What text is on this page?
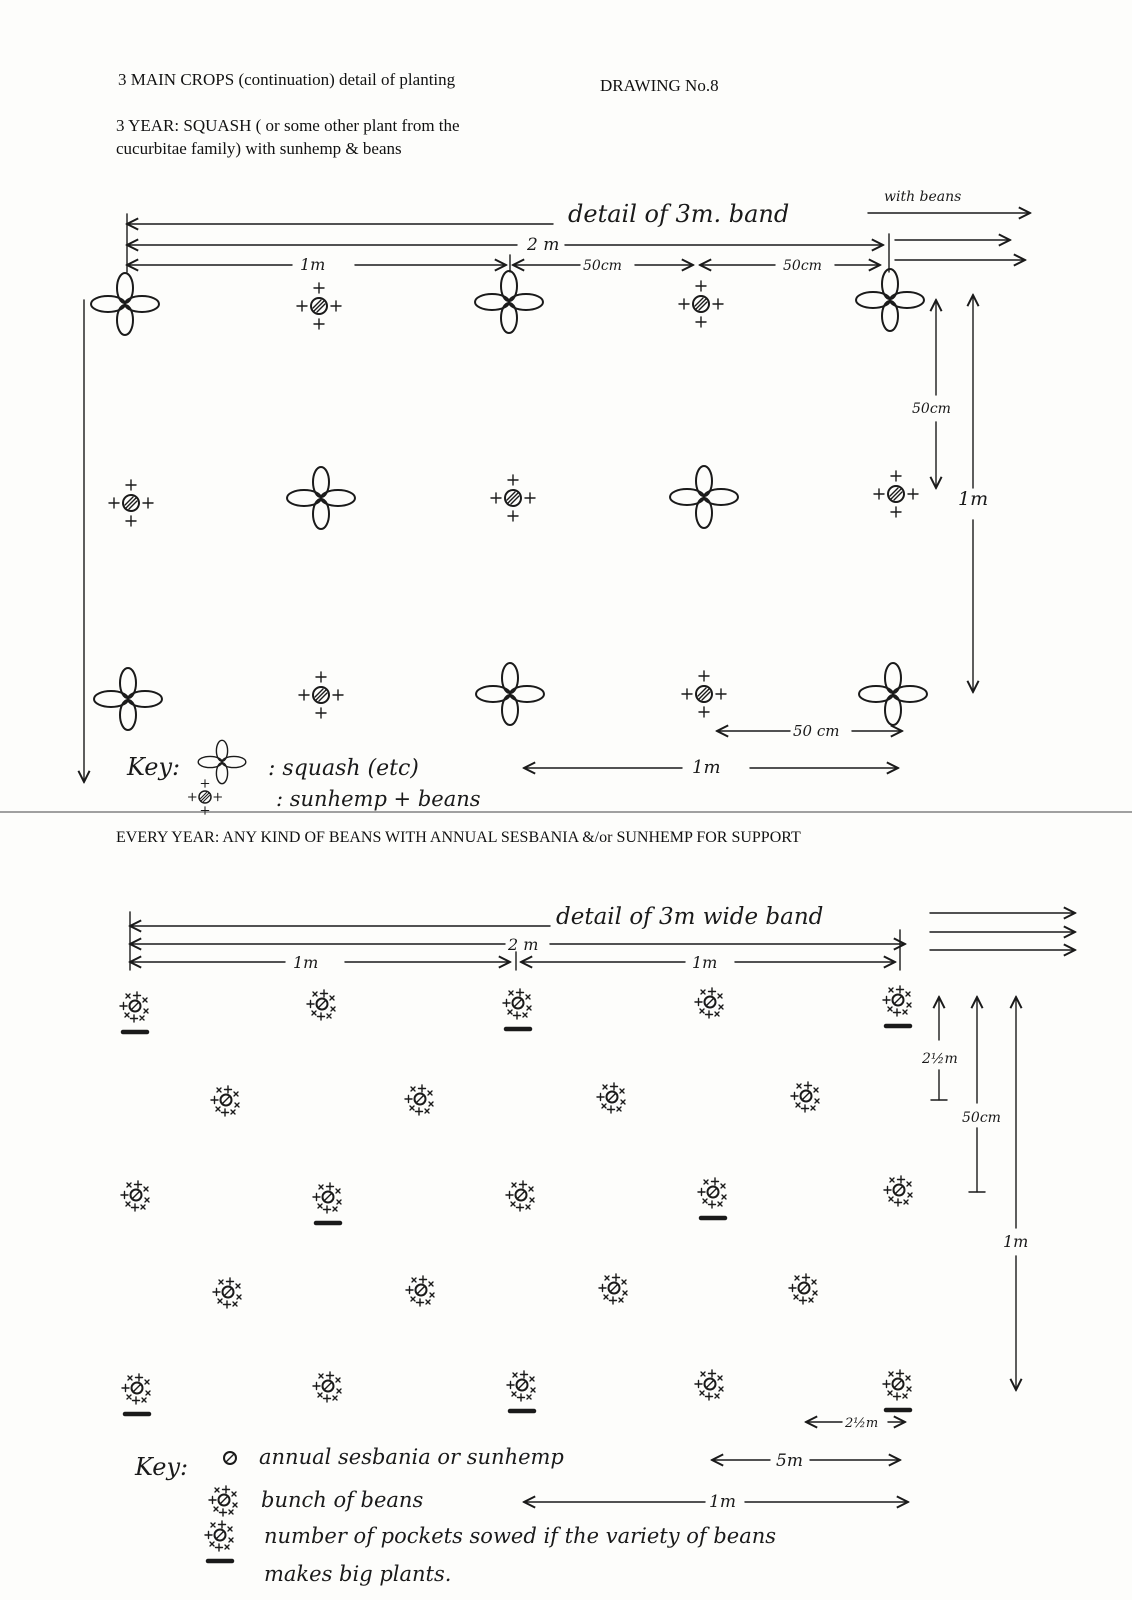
3 MAIN CROPS (continuation) detail of planting	DRAWING No.8
3 YEAR: SQUASH ( or some other plant from the
cucurbitae family) with sunhemp & beans
EVERY YEAR: ANY KIND OF BEANS WITH ANNUAL SESBANIA &/or SUNHEMP FOR SUPPORT
detail of 3m. band
with beans
2 m
1m	50cm	50cm
50cm
1m
50 cm
Key:	: squash (etc)
: sunhemp + beans
1m
detail of 3m wide band
2 m
1m	1m
2½m
50cm
1m
2½m
Key:	annual sesbania or sunhemp	5m
bunch of beans	1m
number of pockets sowed if the variety of beans
makes big plants.
